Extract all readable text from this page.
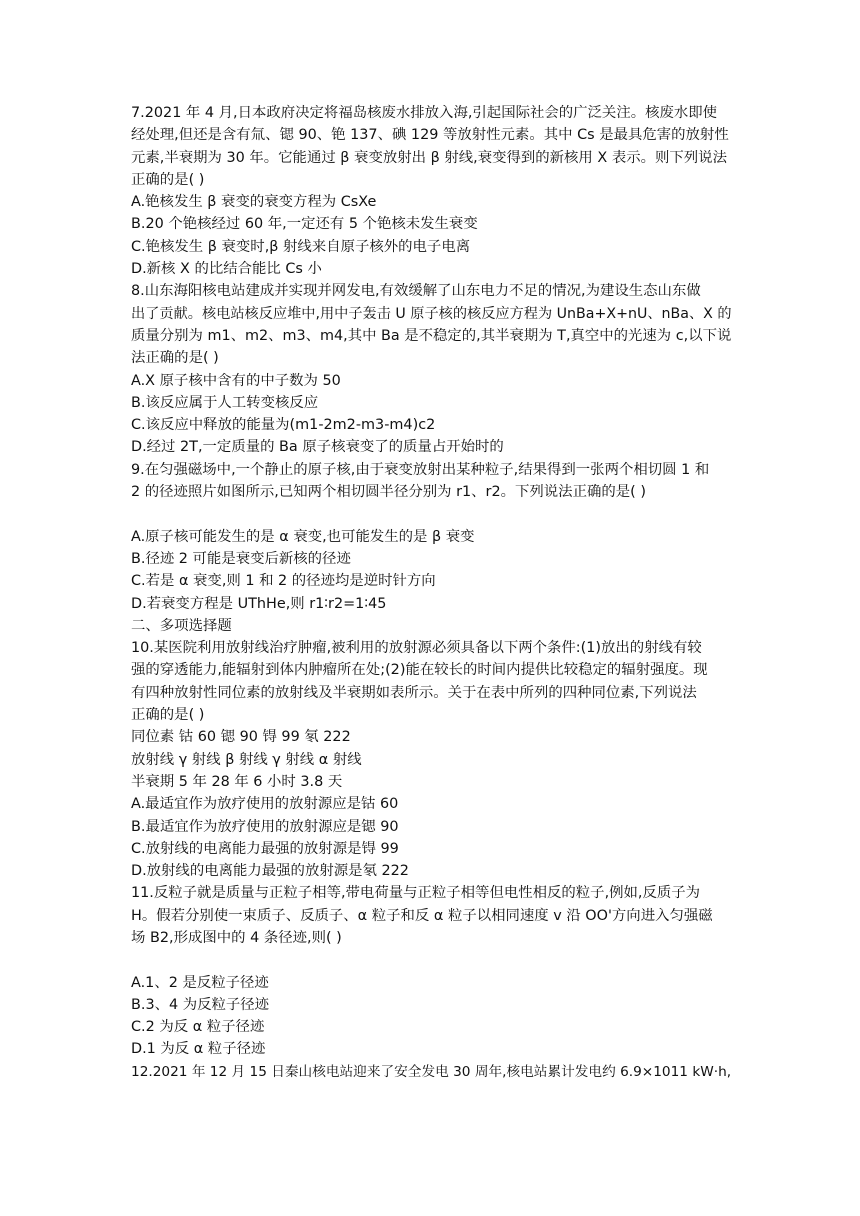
7.2021 年 4 月,日本政府决定将福岛核废水排放入海,引起国际社会的广泛关注。核废水即使
经处理,但还是含有氚、锶 90、铯 137、碘 129 等放射性元素。其中 Cs 是最具危害的放射性
元素,半衰期为 30 年。它能通过 β 衰变放射出 β 射线,衰变得到的新核用 X 表示。则下列说法
正确的是( )
A.铯核发生 β 衰变的衰变方程为 CsXe
B.20 个铯核经过 60 年,一定还有 5 个铯核未发生衰变
C.铯核发生 β 衰变时,β 射线来自原子核外的电子电离
D.新核 X 的比结合能比 Cs 小
8.山东海阳核电站建成并实现并网发电,有效缓解了山东电力不足的情况,为建设生态山东做
出了贡献。核电站核反应堆中,用中子轰击 U 原子核的核反应方程为 UnBa+X+nU、nBa、X 的
质量分别为 m1、m2、m3、m4,其中 Ba 是不稳定的,其半衰期为 T,真空中的光速为 c,以下说
法正确的是( )
A.X 原子核中含有的中子数为 50
B.该反应属于人工转变核反应
C.该反应中释放的能量为(m1-2m2-m3-m4)c2
D.经过 2T,一定质量的 Ba 原子核衰变了的质量占开始时的
9.在匀强磁场中,一个静止的原子核,由于衰变放射出某种粒子,结果得到一张两个相切圆 1 和
2 的径迹照片如图所示,已知两个相切圆半径分别为 r1、r2。下列说法正确的是( )
A.原子核可能发生的是 α 衰变,也可能发生的是 β 衰变
B.径迹 2 可能是衰变后新核的径迹
C.若是 α 衰变,则 1 和 2 的径迹均是逆时针方向
D.若衰变方程是 UThHe,则 r1∶r2=1∶45
二、多项选择题
10.某医院利用放射线治疗肿瘤,被利用的放射源必须具备以下两个条件:(1)放出的射线有较
强的穿透能力,能辐射到体内肿瘤所在处;(2)能在较长的时间内提供比较稳定的辐射强度。现
有四种放射性同位素的放射线及半衰期如表所示。关于在表中所列的四种同位素,下列说法
正确的是( )
同位素 钴 60 锶 90 锝 99 氡 222
放射线 γ 射线 β 射线 γ 射线 α 射线
半衰期 5 年 28 年 6 小时 3.8 天
A.最适宜作为放疗使用的放射源应是钴 60
B.最适宜作为放疗使用的放射源应是锶 90
C.放射线的电离能力最强的放射源是锝 99
D.放射线的电离能力最强的放射源是氡 222
11.反粒子就是质量与正粒子相等,带电荷量与正粒子相等但电性相反的粒子,例如,反质子为
H。假若分别使一束质子、反质子、α 粒子和反 α 粒子以相同速度 v 沿 OO'方向进入匀强磁
场 B2,形成图中的 4 条径迹,则( )
A.1、2 是反粒子径迹
B.3、4 为反粒子径迹
C.2 为反 α 粒子径迹
D.1 为反 α 粒子径迹
12.2021 年 12 月 15 日秦山核电站迎来了安全发电 30 周年,核电站累计发电约 6.9×1011 kW·h,
